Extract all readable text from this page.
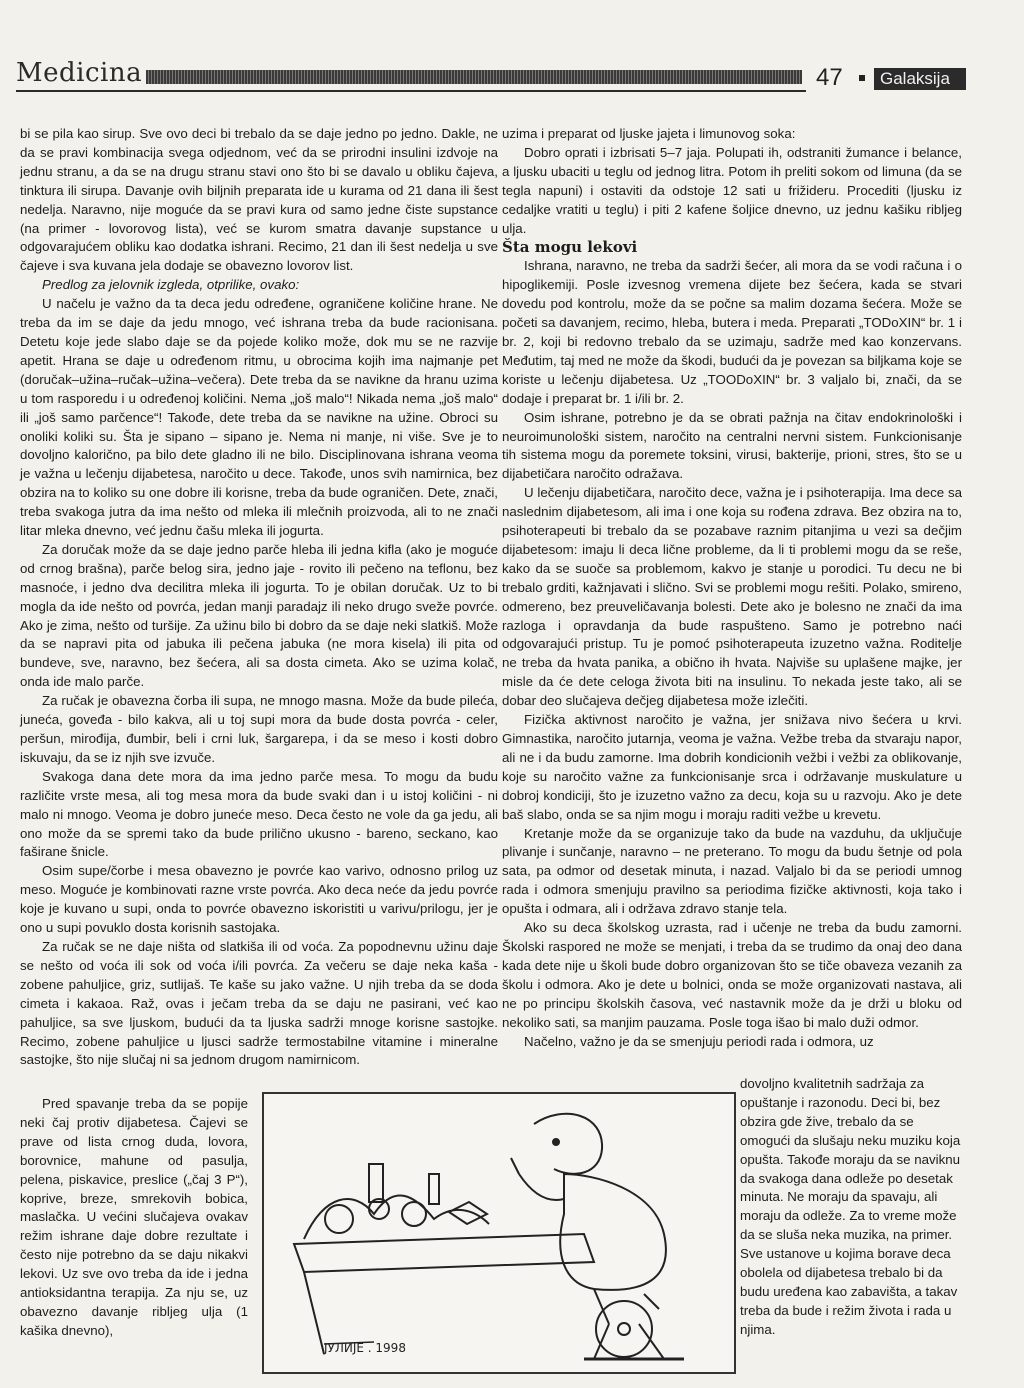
Medicina	47	Galaksija

bi se pila kao sirup. Sve ovo deci bi trebalo da se daje jedno po jedno. Dakle, ne da se pravi kombinacija svega odjednom, već da se prirodni insulini izdvoje na jednu stranu, a da se na drugu stranu stavi ono što bi se davalo u obliku čajeva, tinktura ili sirupa. Davanje ovih biljnih preparata ide u kurama od 21 dana ili šest nedelja. Naravno, nije moguće da se pravi kura od samo jedne čiste supstance (na primer - lovorovog lista), već se kurom smatra davanje supstance u odgovarajućem obliku kao dodatka ishrani. Recimo, 21 dan ili šest nedelja u sve čajeve i sva kuvana jela dodaje se obavezno lovorov list.

Predlog za jelovnik izgleda, otprilike, ovako:

U načelu je važno da ta deca jedu određene, ograničene količine hrane. Ne treba da im se daje da jedu mnogo, već ishrana treba da bude racionisana. Detetu koje jede slabo daje se da pojede koliko može, dok mu se ne razvije apetit. Hrana se daje u određenom ritmu, u obrocima kojih ima najmanje pet (doručak–užina–ručak–užina–večera). Dete treba da se navikne da hranu uzima u tom rasporedu i u određenoj količini. Nema „još malo“! Nikada nema „još malo“ ili „još samo parčence“! Takođe, dete treba da se navikne na užine. Obroci su onoliki koliki su. Šta je sipano – sipano je. Nema ni manje, ni više. Sve je to dovoljno kalorično, pa bilo dete gladno ili ne bilo. Disciplinovana ishrana veoma je važna u lečenju dijabetesa, naročito u dece. Takođe, unos svih namirnica, bez obzira na to koliko su one dobre ili korisne, treba da bude ograničen. Dete, znači, treba svakoga jutra da ima nešto od mleka ili mlečnih proizvoda, ali to ne znači litar mleka dnevno, već jednu čašu mleka ili jogurta.

Za doručak može da se daje jedno parče hleba ili jedna kifla (ako je moguće od crnog brašna), parče belog sira, jedno jaje - rovito ili pečeno na teflonu, bez masnoće, i jedno dva decilitra mleka ili jogurta. To je obilan doručak. Uz to bi mogla da ide nešto od povrća, jedan manji paradajz ili neko drugo sveže povrće. Ako je zima, nešto od turšije. Za užinu bilo bi dobro da se daje neki slatkiš. Može da se napravi pita od jabuka ili pečena jabuka (ne mora kisela) ili pita od bundeve, sve, naravno, bez šećera, ali sa dosta cimeta. Ako se uzima kolač, onda ide malo parče.

Za ručak je obavezna čorba ili supa, ne mnogo masna. Može da bude pileća, juneća, goveđa - bilo kakva, ali u toj supi mora da bude dosta povrća - celer, peršun, mirođija, đumbir, beli i crni luk, šargarepa, i da se meso i kosti dobro iskuvaju, da se iz njih sve izvuče.

Svakoga dana dete mora da ima jedno parče mesa. To mogu da budu različite vrste mesa, ali tog mesa mora da bude svaki dan i u istoj količini - ni malo ni mnogo. Veoma je dobro juneće meso. Deca često ne vole da ga jedu, ali ono može da se spremi tako da bude prilično ukusno - bareno, seckano, kao faširane šnicle.

Osim supe/čorbe i mesa obavezno je povrće kao varivo, odnosno prilog uz meso. Moguće je kombinovati razne vrste povrća. Ako deca neće da jedu povrće koje je kuvano u supi, onda to povrće obavezno iskoristiti u varivu/prilogu, jer je ono u supi povuklo dosta korisnih sastojaka.

Za ručak se ne daje ništa od slatkiša ili od voća. Za popodnevnu užinu daje se nešto od voća ili sok od voća i/ili povrća. Za večeru se daje neka kaša - zobene pahuljice, griz, sutlijaš. Te kaše su jako važne. U njih treba da se doda cimeta i kakaoa. Raž, ovas i ječam treba da se daju ne pasirani, već kao pahuljice, sa sve ljuskom, budući da ta ljuska sadrži mnoge korisne sastojke. Recimo, zobene pahuljice u ljusci sadrže termostabilne vitamine i mineralne sastojke, što nije slučaj ni sa jednom drugom namirnicom.

Pred spavanje treba da se popije neki čaj protiv dijabetesa. Čajevi se prave od lista crnog duda, lovora, borovnice, mahune od pasulja, pelena, piskavice, preslice („čaj 3 P“), koprive, breze, smrekovih bobica, maslačka. U većini slučajeva ovakav režim ishrane daje dobre rezultate i često nije potrebno da se daju nikakvi lekovi. Uz sve ovo treba da ide i jedna antioksidantna terapija. Za nju se, uz obavezno davanje ribljeg ulja (1 kašika dnevno),

uzima i preparat od ljuske jajeta i limunovog soka:

Dobro oprati i izbrisati 5–7 jaja. Polupati ih, odstraniti žumance i belance, a ljusku ubaciti u teglu od jednog litra. Potom ih preliti sokom od limuna (da se tegla napuni) i ostaviti da odstoje 12 sati u frižideru. Procediti (ljusku iz cedaljke vratiti u teglu) i piti 2 kafene šoljice dnevno, uz jednu kašiku ribljeg ulja.

Šta mogu lekovi

Ishrana, naravno, ne treba da sadrži šećer, ali mora da se vodi računa i o hipoglikemiji. Posle izvesnog vremena dijete bez šećera, kada se stvari dovedu pod kontrolu, može da se počne sa malim dozama šećera. Može se početi sa davanjem, recimo, hleba, butera i meda. Preparati „TODoXIN“ br. 1 i br. 2, koji bi redovno trebalo da se uzimaju, sadrže med kao konzervans. Međutim, taj med ne može da škodi, budući da je povezan sa biljkama koje se koriste u lečenju dijabetesa. Uz „TOODoXIN“ br. 3 valjalo bi, znači, da se dodaje i preparat br. 1 i/ili br. 2.

Osim ishrane, potrebno je da se obrati pažnja na čitav endokrinološki i neuroimunološki sistem, naročito na centralni nervni sistem. Funkcionisanje tih sistema mogu da poremete toksini, virusi, bakterije, prioni, stres, što se u dijabetičara naročito odražava.

U lečenju dijabetičara, naročito dece, važna je i psihoterapija. Ima dece sa naslednim dijabetesom, ali ima i one koja su rođena zdrava. Bez obzira na to, psihoterapeuti bi trebalo da se pozabave raznim pitanjima u vezi sa dečjim dijabetesom: imaju li deca lične probleme, da li ti problemi mogu da se reše, kako da se suoče sa problemom, kakvo je stanje u porodici. Tu decu ne bi trebalo grditi, kažnjavati i slično. Svi se problemi mogu rešiti. Polako, smireno, odmereno, bez preuveličavanja bolesti. Dete ako je bolesno ne znači da ima razloga i opravdanja da bude raspušteno. Samo je potrebno naći odgovarajući pristup. Tu je pomoć psihoterapeuta izuzetno važna. Roditelje ne treba da hvata panika, a obično ih hvata. Najviše su uplašene majke, jer misle da će dete celoga života biti na insulinu. To nekada jeste tako, ali se dobar deo slučajeva dečjeg dijabetesa može izlečiti.

Fizička aktivnost naročito je važna, jer snižava nivo šećera u krvi. Gimnastika, naročito jutarnja, veoma je važna. Vežbe treba da stvaraju napor, ali ne i da budu zamorne. Ima dobrih kondicionih vežbi i vežbi za oblikovanje, koje su naročito važne za funkcionisanje srca i održavanje muskulature u dobroj kondiciji, što je izuzetno važno za decu, koja su u razvoju. Ako je dete baš slabo, onda se sa njim mogu i moraju raditi vežbe u krevetu.

Kretanje može da se organizuje tako da bude na vazduhu, da uključuje plivanje i sunčanje, naravno – ne preterano. To mogu da budu šetnje od pola sata, pa odmor od desetak minuta, i nazad. Valjalo bi da se periodi umnog rada i odmora smenjuju pravilno sa periodima fizičke aktivnosti, koja tako i opušta i odmara, ali i održava zdravo stanje tela.

Ako su deca školskog uzrasta, rad i učenje ne treba da budu zamorni. Školski raspored ne može se menjati, i treba da se trudimo da onaj deo dana kada dete nije u školi bude dobro organizovan što se tiče obaveza vezanih za školu i odmora. Ako je dete u bolnici, onda se može organizovati nastava, ali ne po principu školskih časova, već nastavnik može da je drži u bloku od nekoliko sati, sa manjim pauzama. Posle toga išao bi malo duži odmor.

Načelno, važno je da se smenjuju periodi rada i odmora, uz

dovoljno kvalitetnih sadržaja za opuštanje i razonodu. Deci bi, bez obzira gde žive, trebalo da se omogući da slušaju neku muziku koja opušta. Takođe moraju da se naviknu da svakoga dana odleže po desetak minuta. Ne moraju da spavaju, ali moraju da odleže. Za to vreme može da se sluša neka muzika, na primer. Sve ustanove u kojima borave deca obolela od dijabetesa trebalo bi da budu uređena kao zabavišta, a takav treba da bude i režim života i rada u njima.

ЈУЛИЈЕ . 1998
